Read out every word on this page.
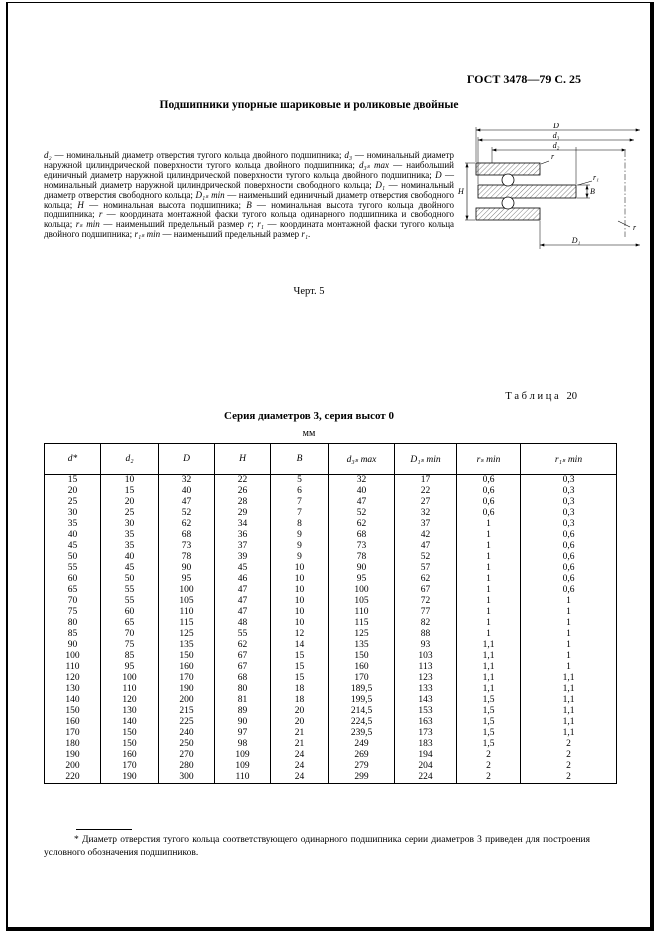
ГОСТ 3478—79 С. 25
Подшипники упорные шариковые и роликовые двойные

d₂ — номинальный диаметр отверстия тугого кольца двойного подшипника; d₃ — номинальный диаметр наружной цилиндрической поверхности тугого кольца двойного подшипника; d₃ₛ max — наибольший единичный диаметр наружной цилиндрической поверхности тугого кольца двойного подшипника; D — номинальный диаметр наружной цилиндрической поверхности свободного кольца; D₁ — номинальный диаметр отверстия свободного кольца; D₁ₛ min — наименьший единичный диаметр отверстия свободного кольца; H — номинальная высота подшипника; B — номинальная высота тугого кольца двойного подшипника; r — координата монтажной фаски тугого кольца одинарного подшипника и свободного кольца; rₛ min — наименьший предельный размер r; r₁ — координата монтажной фаски тугого кольца двойного подшипника; r₁ₛ min — наименьший предельный размер r₁.

D
d₃
d₂
D₁
H	B
r
r₁
r
Черт. 5
Т а б л и ц а   20
Серия диаметров 3, серия высот 0
мм
d*	d₂	D	H	B	d₃ₛ max	D₁ₛ min	rₛ min	r₁ₛ min
15	10	32	22	5	32	17	0,6	0,3
20	15	40	26	6	40	22	0,6	0,3
25	20	47	28	7	47	27	0,6	0,3
30	25	52	29	7	52	32	0,6	0,3
35	30	62	34	8	62	37	1	0,3
40	35	68	36	9	68	42	1	0,6
45	35	73	37	9	73	47	1	0,6
50	40	78	39	9	78	52	1	0,6
55	45	90	45	10	90	57	1	0,6
60	50	95	46	10	95	62	1	0,6
65	55	100	47	10	100	67	1	0,6
70	55	105	47	10	105	72	1	1
75	60	110	47	10	110	77	1	1
80	65	115	48	10	115	82	1	1
85	70	125	55	12	125	88	1	1
90	75	135	62	14	135	93	1,1	1
100	85	150	67	15	150	103	1,1	1
110	95	160	67	15	160	113	1,1	1
120	100	170	68	15	170	123	1,1	1,1
130	110	190	80	18	189,5	133	1,1	1,1
140	120	200	81	18	199,5	143	1,5	1,1
150	130	215	89	20	214,5	153	1,5	1,1
160	140	225	90	20	224,5	163	1,5	1,1
170	150	240	97	21	239,5	173	1,5	1,1
180	150	250	98	21	249	183	1,5	2
190	160	270	109	24	269	194	2	2
200	170	280	109	24	279	204	2	2
220	190	300	110	24	299	224	2	2

* Диаметр отверстия тугого кольца соответствующего одинарного подшипника серии диаметров 3 приведен для построения условного обозначения подшипников.
